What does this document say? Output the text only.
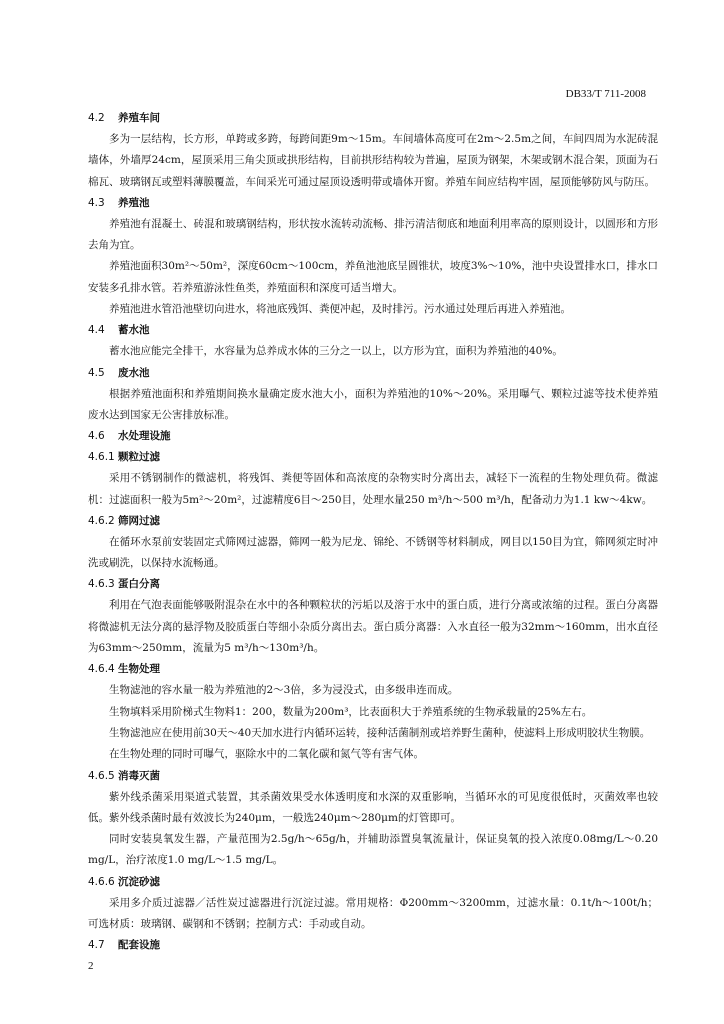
DB33/T 711-2008
4.2 养殖车间

多为一层结构，长方形，单跨或多跨，每跨间距9m～15m。车间墙体高度可在2m～2.5m之间，车间四周为水泥砖混墙体，外墙厚24cm，屋顶采用三角尖顶或拱形结构，目前拱形结构较为普遍，屋顶为钢架，木架或钢木混合架，顶面为石棉瓦、玻璃钢瓦或塑料薄膜覆盖，车间采光可通过屋顶设透明带或墙体开窗。养殖车间应结构牢固，屋顶能够防风与防压。

4.3 养殖池

养殖池有混凝土、砖混和玻璃钢结构，形状按水流转动流畅、排污清洁彻底和地面利用率高的原则设计，以圆形和方形去角为宜。

养殖池面积30m²～50m²，深度60cm～100cm，养鱼池池底呈圆锥状，坡度3%～10%，池中央设置排水口，排水口安装多孔排水管。若养殖游泳性鱼类，养殖面积和深度可适当增大。

养殖池进水管沿池壁切向进水，将池底残饵、粪便冲起，及时排污。污水通过处理后再进入养殖池。

4.4 蓄水池

蓄水池应能完全排干，水容量为总养成水体的三分之一以上，以方形为宜，面积为养殖池的40%。

4.5 废水池

根据养殖池面积和养殖期间换水量确定废水池大小，面积为养殖池的10%～20%。采用曝气、颗粒过滤等技术使养殖废水达到国家无公害排放标准。

4.6 水处理设施
4.6.1 颗粒过滤

采用不锈钢制作的微滤机，将残饵、粪便等固体和高浓度的杂物实时分离出去，减轻下一流程的生物处理负荷。微滤机：过滤面积一般为5m²～20m²，过滤精度6目～250目，处理水量250 m³/h～500 m³/h，配备动力为1.1 kw～4kw。

4.6.2 筛网过滤

在循环水泵前安装固定式筛网过滤器，筛网一般为尼龙、锦纶、不锈钢等材料制成，网目以150目为宜，筛网须定时冲洗或刷洗，以保持水流畅通。

4.6.3 蛋白分离

利用在气泡表面能够吸附混杂在水中的各种颗粒状的污垢以及溶于水中的蛋白质，进行分离或浓缩的过程。蛋白分离器将微滤机无法分离的悬浮物及胶质蛋白等细小杂质分离出去。蛋白质分离器：入水直径一般为32mm～160mm，出水直径为63mm～250mm，流量为5 m³/h～130m³/h。

4.6.4 生物处理

生物滤池的容水量一般为养殖池的2～3倍，多为浸没式，由多级串连而成。

生物填料采用阶梯式生物料1：200，数量为200m³，比表面积大于养殖系统的生物承载量的25%左右。

生物滤池应在使用前30天～40天加水进行内循环运转，接种活菌制剂或培养野生菌种，使滤料上形成明胶状生物膜。

在生物处理的同时可曝气，驱除水中的二氧化碳和氮气等有害气体。

4.6.5 消毒灭菌

紫外线杀菌采用渠道式装置，其杀菌效果受水体透明度和水深的双重影响，当循环水的可见度很低时，灭菌效率也较低。紫外线杀菌时最有效波长为240μm，一般选240μm～280μm的灯管即可。

同时安装臭氧发生器，产量范围为2.5g/h～65g/h，并辅助添置臭氧流量计，保证臭氧的投入浓度0.08mg/L～0.20 mg/L，治疗浓度1.0 mg/L～1.5 mg/L。

4.6.6 沉淀砂滤

采用多介质过滤器／活性炭过滤器进行沉淀过滤。常用规格：Φ200mm～3200mm，过滤水量：0.1t/h～100t/h；可选材质：玻璃钢、碳钢和不锈钢；控制方式：手动或自动。

4.7 配套设施
2
